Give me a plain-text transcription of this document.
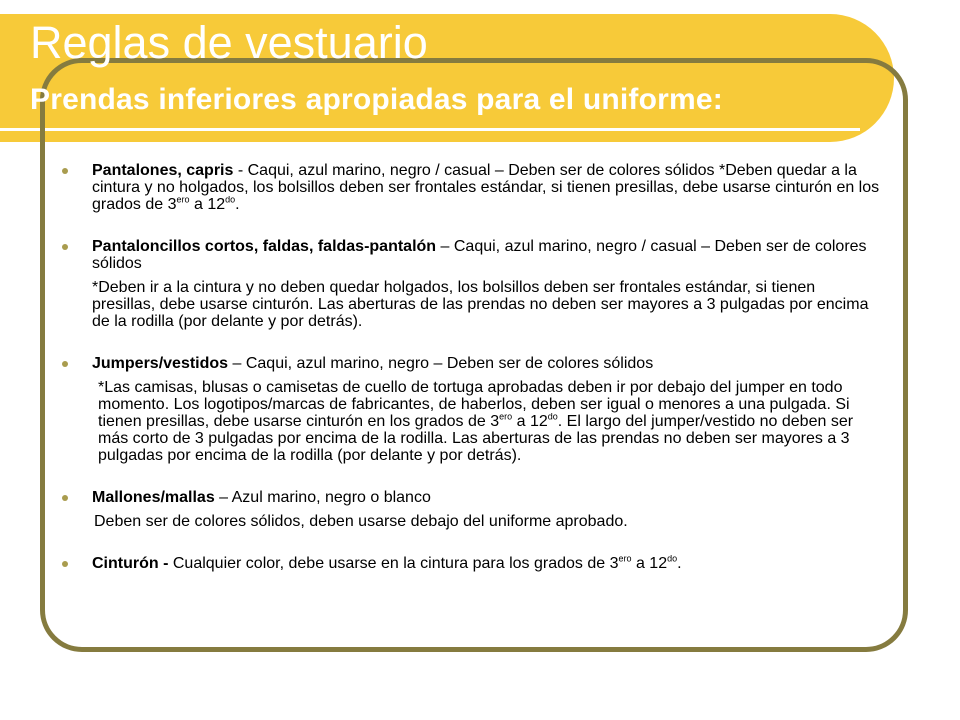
Reglas de vestuario
Prendas inferiores apropiadas para el uniforme:

Pantalones, capris - Caqui, azul marino, negro / casual – Deben ser de colores sólidos *Deben quedar a la cintura y no holgados, los bolsillos deben ser frontales estándar, si tienen presillas, debe usarse cinturón en los grados de $3^{ero}$ a $12^{do}$.

Pantaloncillos cortos, faldas, faldas-pantalón – Caqui, azul marino, negro / casual – Deben ser de colores sólidos

*Deben ir a la cintura y no deben quedar holgados, los bolsillos deben ser frontales estándar, si tienen presillas, debe usarse cinturón. Las aberturas de las prendas no deben ser mayores a 3 pulgadas por encima de la rodilla (por delante y por detrás).

Jumpers/vestidos – Caqui, azul marino, negro – Deben ser de colores sólidos

*Las camisas, blusas o camisetas de cuello de tortuga aprobadas deben ir por debajo del jumper en todo momento. Los logotipos/marcas de fabricantes, de haberlos, deben ser igual o menores a una pulgada. Si tienen presillas, debe usarse cinturón en los grados de $3^{ero}$ a $12^{do}$. El largo del jumper/vestido no deben ser más corto de 3 pulgadas por encima de la rodilla. Las aberturas de las prendas no deben ser mayores a 3 pulgadas por encima de la rodilla (por delante y por detrás).

Mallones/mallas – Azul marino, negro o blanco

Deben ser de colores sólidos, deben usarse debajo del uniforme aprobado.

Cinturón - Cualquier color, debe usarse en la cintura para los grados de $3^{ero}$ a $12^{do}$.
